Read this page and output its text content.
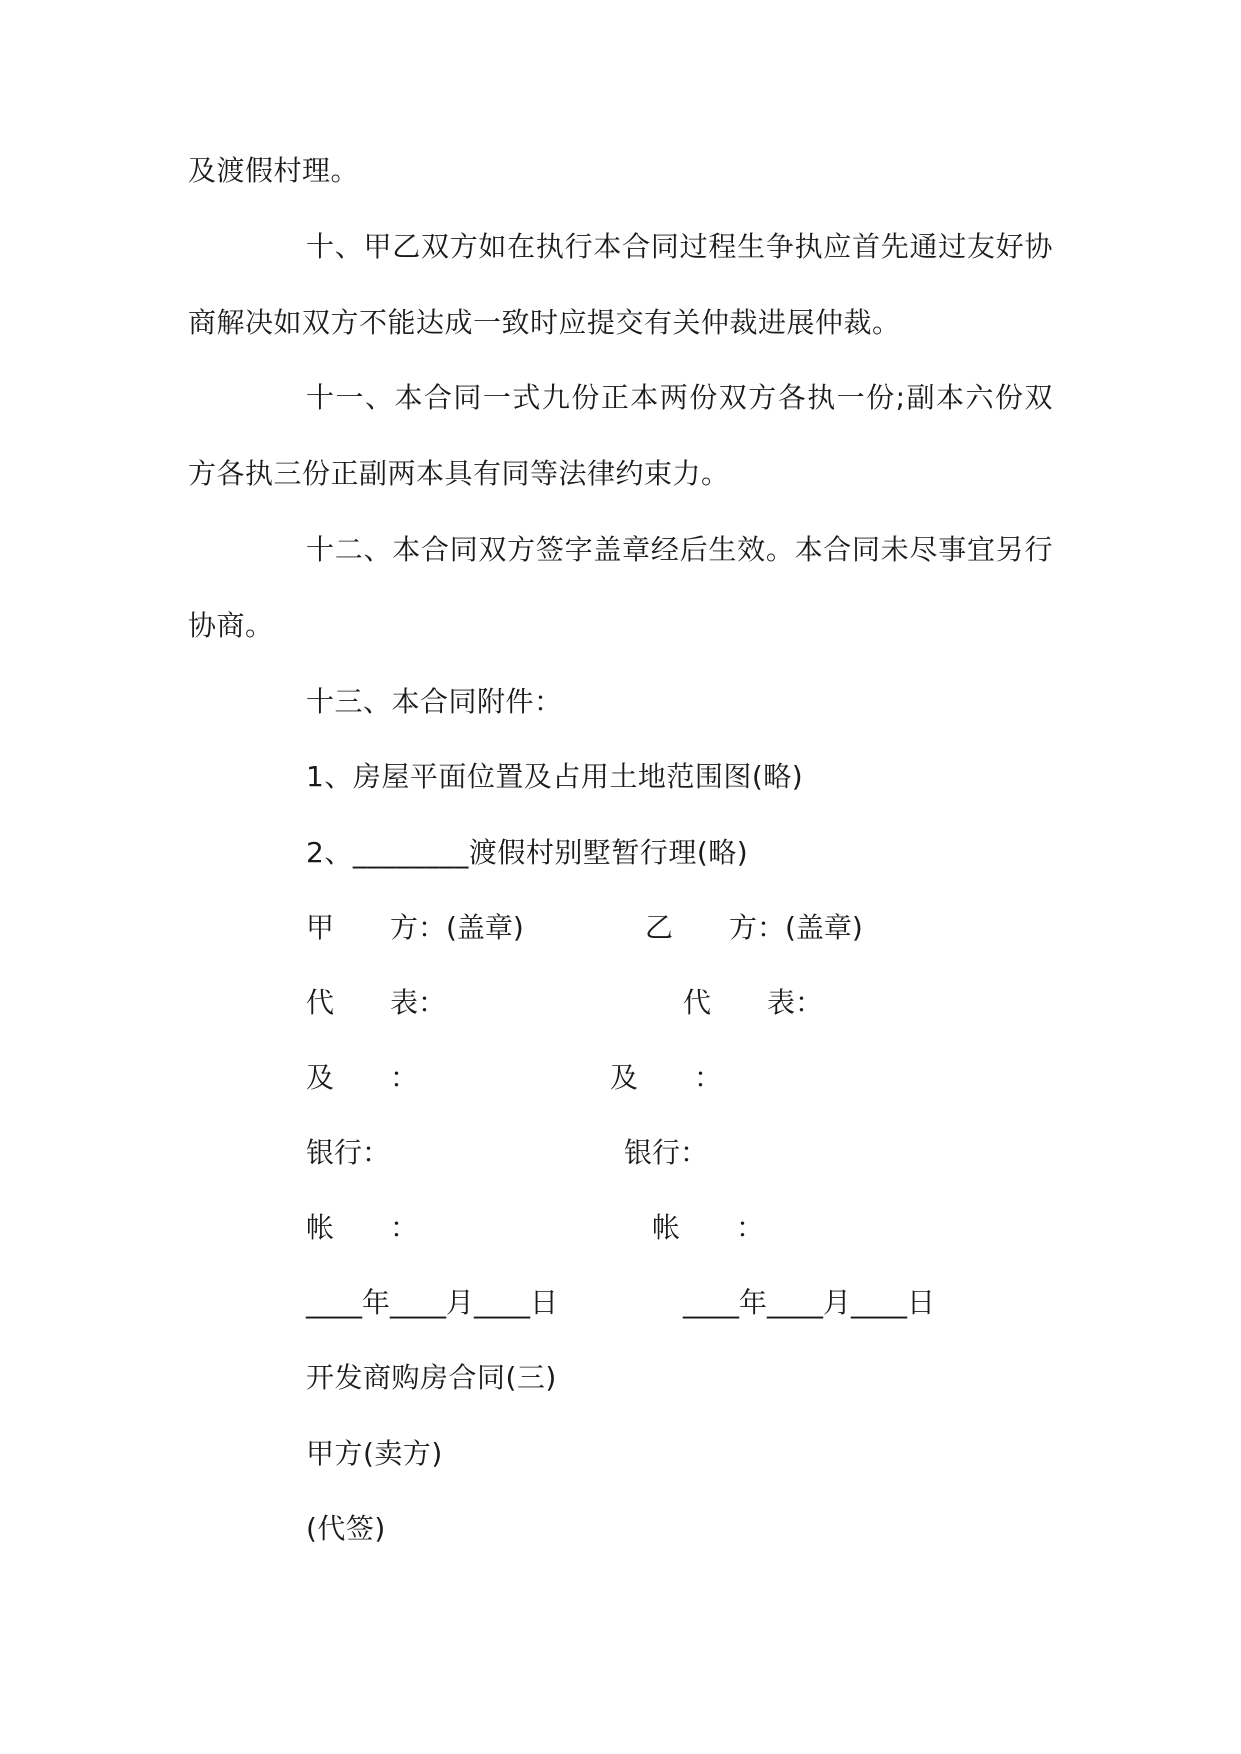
及渡假村理。
十、甲乙双方如在执行本合同过程生争执应首先通过友好协
商解决如双方不能达成一致时应提交有关仲裁进展仲裁。
十一、本合同一式九份正本两份双方各执一份;副本六份双
方各执三份正副两本具有同等法律约束力。
十二、本合同双方签字盖章经后生效。本合同未尽事宜另行
协商。
十三、本合同附件：
1、房屋平面位置及占用土地范围图(略)
2、________渡假村别墅暂行理(略)
甲　　方：(盖章)	乙　　方：(盖章)
代　　表：	代　　表：
及　　：	及　　：
银行：	银行：
帐　　：	帐　　：
____年____月____日	____年____月____日
开发商购房合同(三)
甲方(卖方)
(代签)
